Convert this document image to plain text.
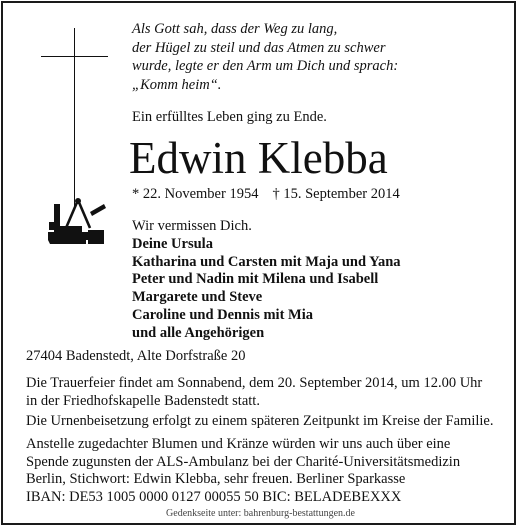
Als Gott sah, dass der Weg zu lang,
der Hügel zu steil und das Atmen zu schwer
wurde, legte er den Arm um Dich und sprach:
„Komm heim“.
Ein erfülltes Leben ging zu Ende.
Edwin Klebba
* 22. November 1954 † 15. September 2014
Wir vermissen Dich.
Deine Ursula
Katharina und Carsten mit Maja und Yana
Peter und Nadin mit Milena und Isabell
Margarete und Steve
Caroline und Dennis mit Mia
und alle Angehörigen
27404 Badenstedt, Alte Dorfstraße 20
Die Trauerfeier findet am Sonnabend, dem 20. September 2014, um 12.00 Uhr
in der Friedhofskapelle Badenstedt statt.
Die Urnenbeisetzung erfolgt zu einem späteren Zeitpunkt im Kreise der Familie.
Anstelle zugedachter Blumen und Kränze würden wir uns auch über eine
Spende zugunsten der ALS-Ambulanz bei der Charité-Universitätsmedizin
Berlin, Stichwort: Edwin Klebba, sehr freuen. Berliner Sparkasse
IBAN: DE53 1005 0000 0127 00055 50 BIC: BELADEBEXXX
Gedenkseite unter: bahrenburg-bestattungen.de
